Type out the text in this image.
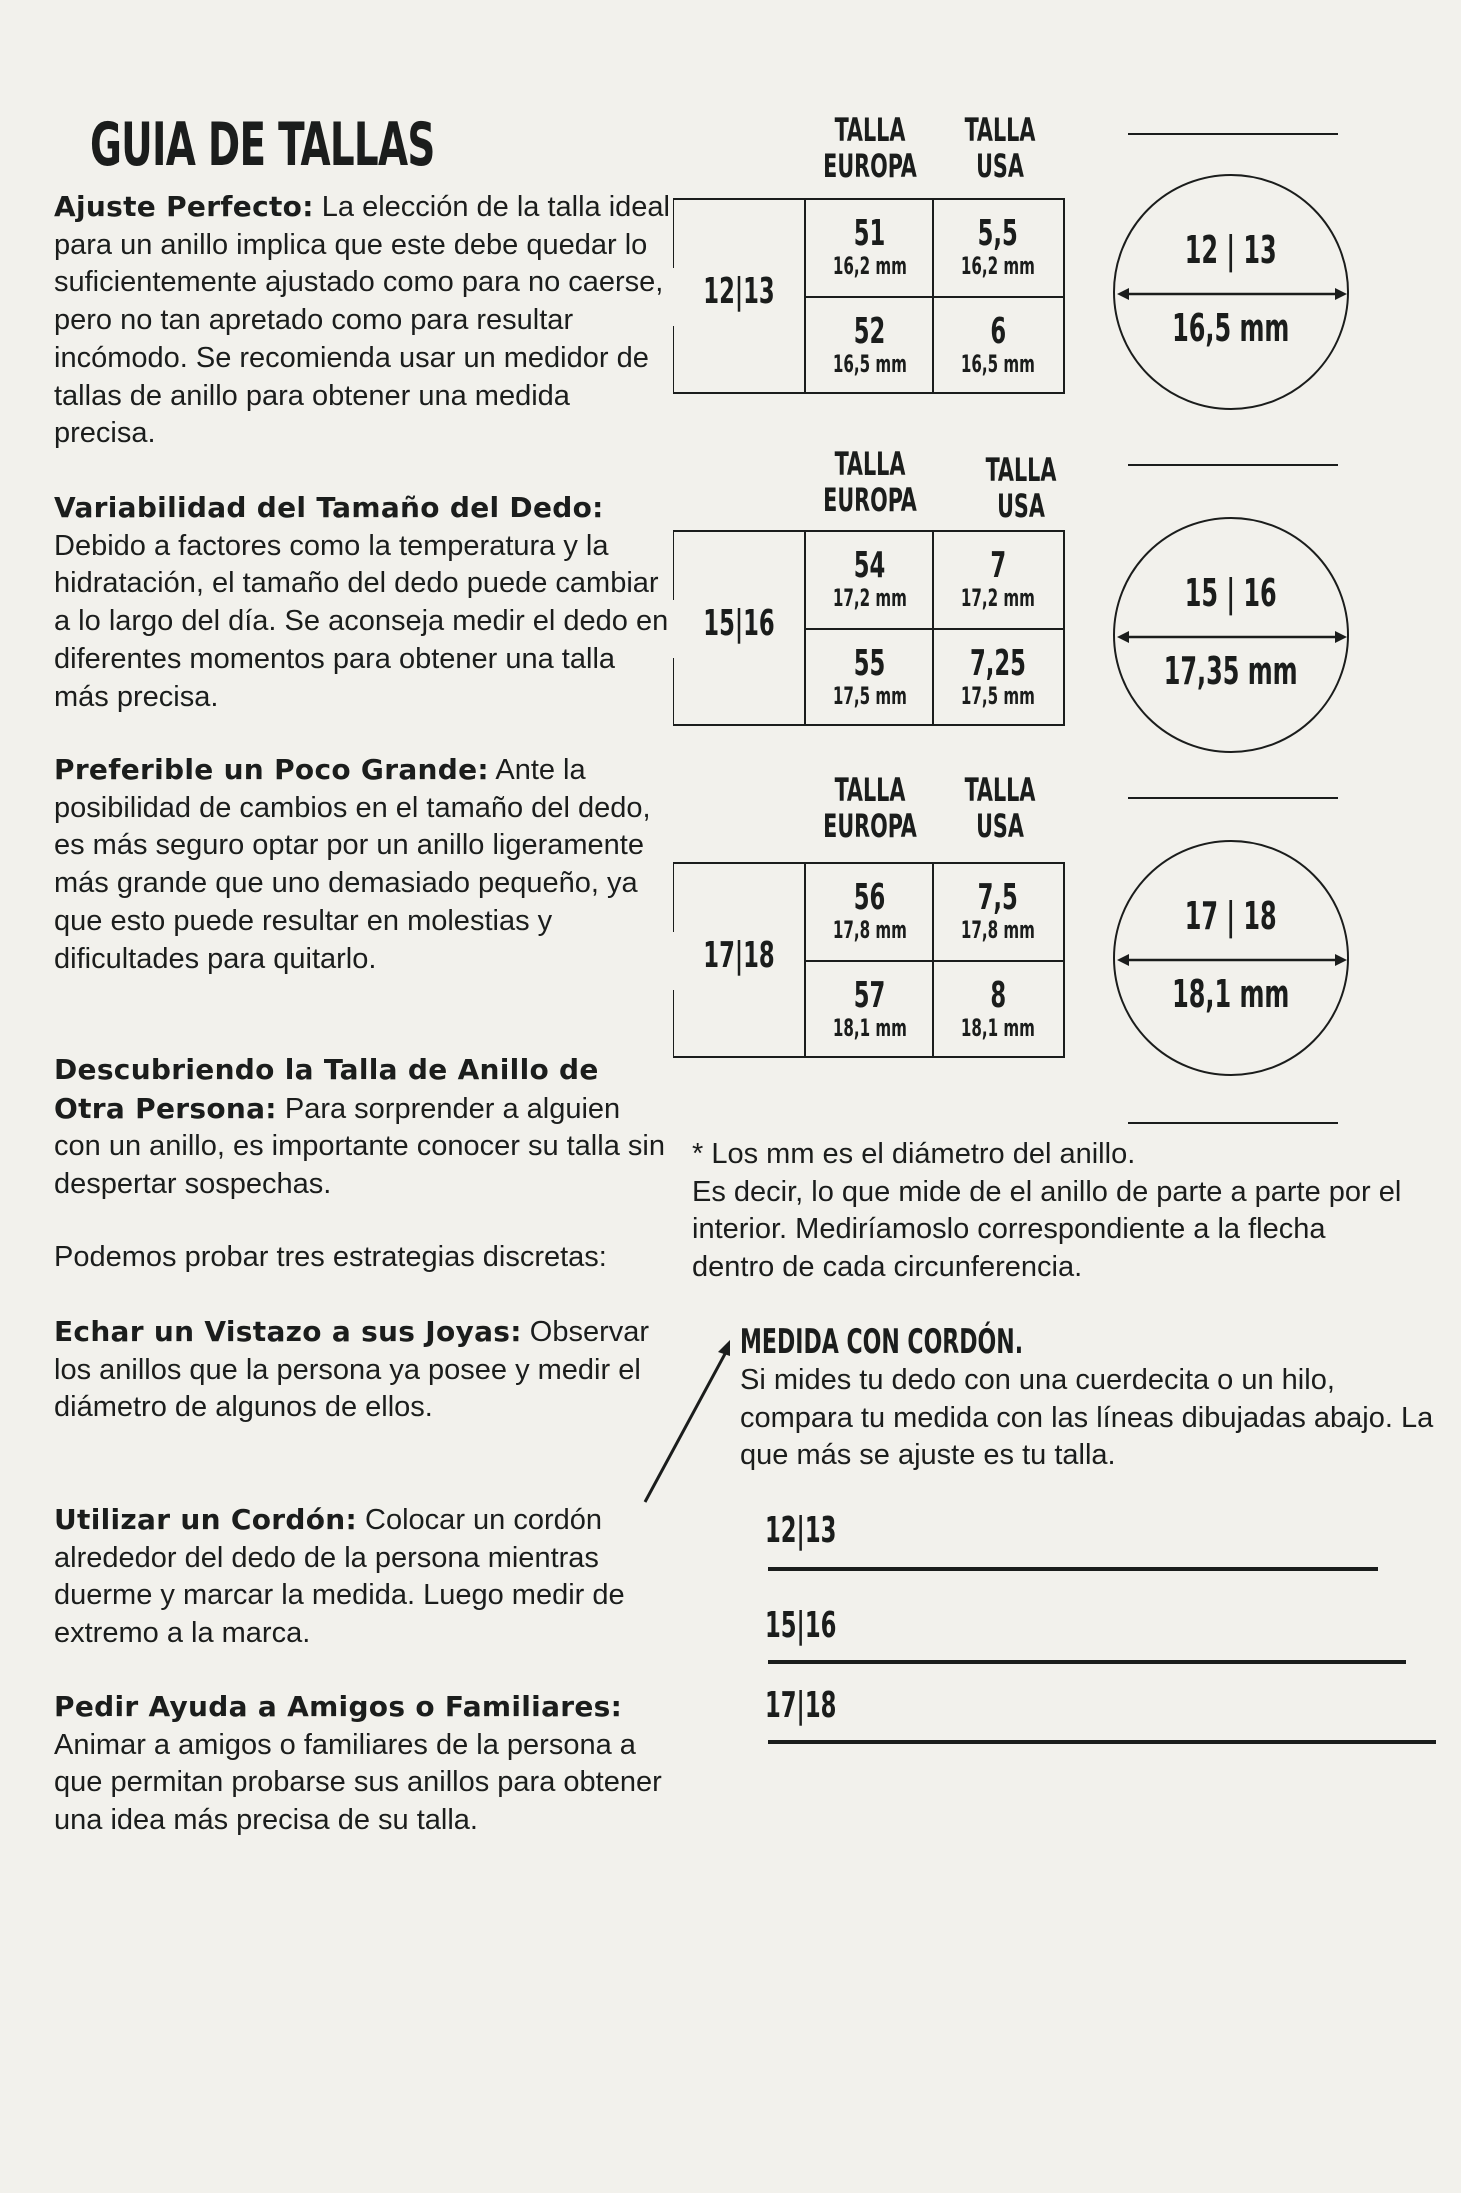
GUIA DE TALLAS

Ajuste Perfecto: La elección de la talla ideal para un anillo implica que este debe quedar lo suficientemente ajustado como para no caerse, pero no tan apretado como para resultar incómodo. Se recomienda usar un medidor de tallas de anillo para obtener una medida precisa.

Variabilidad del Tamaño del Dedo: Debido a factores como la temperatura y la hidratación, el tamaño del dedo puede cambiar a lo largo del día. Se aconseja medir el dedo en diferentes momentos para obtener una talla más precisa.

Preferible un Poco Grande: Ante la posibilidad de cambios en el tamaño del dedo, es más seguro optar por un anillo ligeramente más grande que uno demasiado pequeño, ya que esto puede resultar en molestias y dificultades para quitarlo.

Descubriendo la Talla de Anillo de Otra Persona: Para sorprender a alguien con un anillo, es importante conocer su talla sin despertar sospechas.

Podemos probar tres estrategias discretas:

Echar un Vistazo a sus Joyas: Observar los anillos que la persona ya posee y medir el diámetro de algunos de ellos.

Utilizar un Cordón: Colocar un cordón alrededor del dedo de la persona mientras duerme y marcar la medida. Luego medir de extremo a la marca.

Pedir Ayuda a Amigos o Familiares: Animar a amigos o familiares de la persona a que permitan probarse sus anillos para obtener una idea más precisa de su talla.

TALLA
EUROPA
TALLA
USA
12|13
51
16,2 mm
5,5
16,2 mm
52
16,5 mm
6
16,5 mm
12 | 13
16,5 mm
TALLA
EUROPA
TALLA
USA
15|16
54
17,2 mm
7
17,2 mm
55
17,5 mm
7,25
17,5 mm
15 | 16
17,35 mm
TALLA
EUROPA
TALLA
USA
17|18
56
17,8 mm
7,5
17,8 mm
57
18,1 mm
8
18,1 mm
17 | 18
18,1 mm

* Los mm es el diámetro del anillo.
Es decir, lo que mide de el anillo de parte a parte por el interior. Mediríamoslo correspondiente a la flecha dentro de cada circunferencia.

MEDIDA CON CORDÓN.

Si mides tu dedo con una cuerdecita o un hilo, compara tu medida con las líneas dibujadas abajo. La que más se ajuste es tu talla.

12|13
15|16
17|18
